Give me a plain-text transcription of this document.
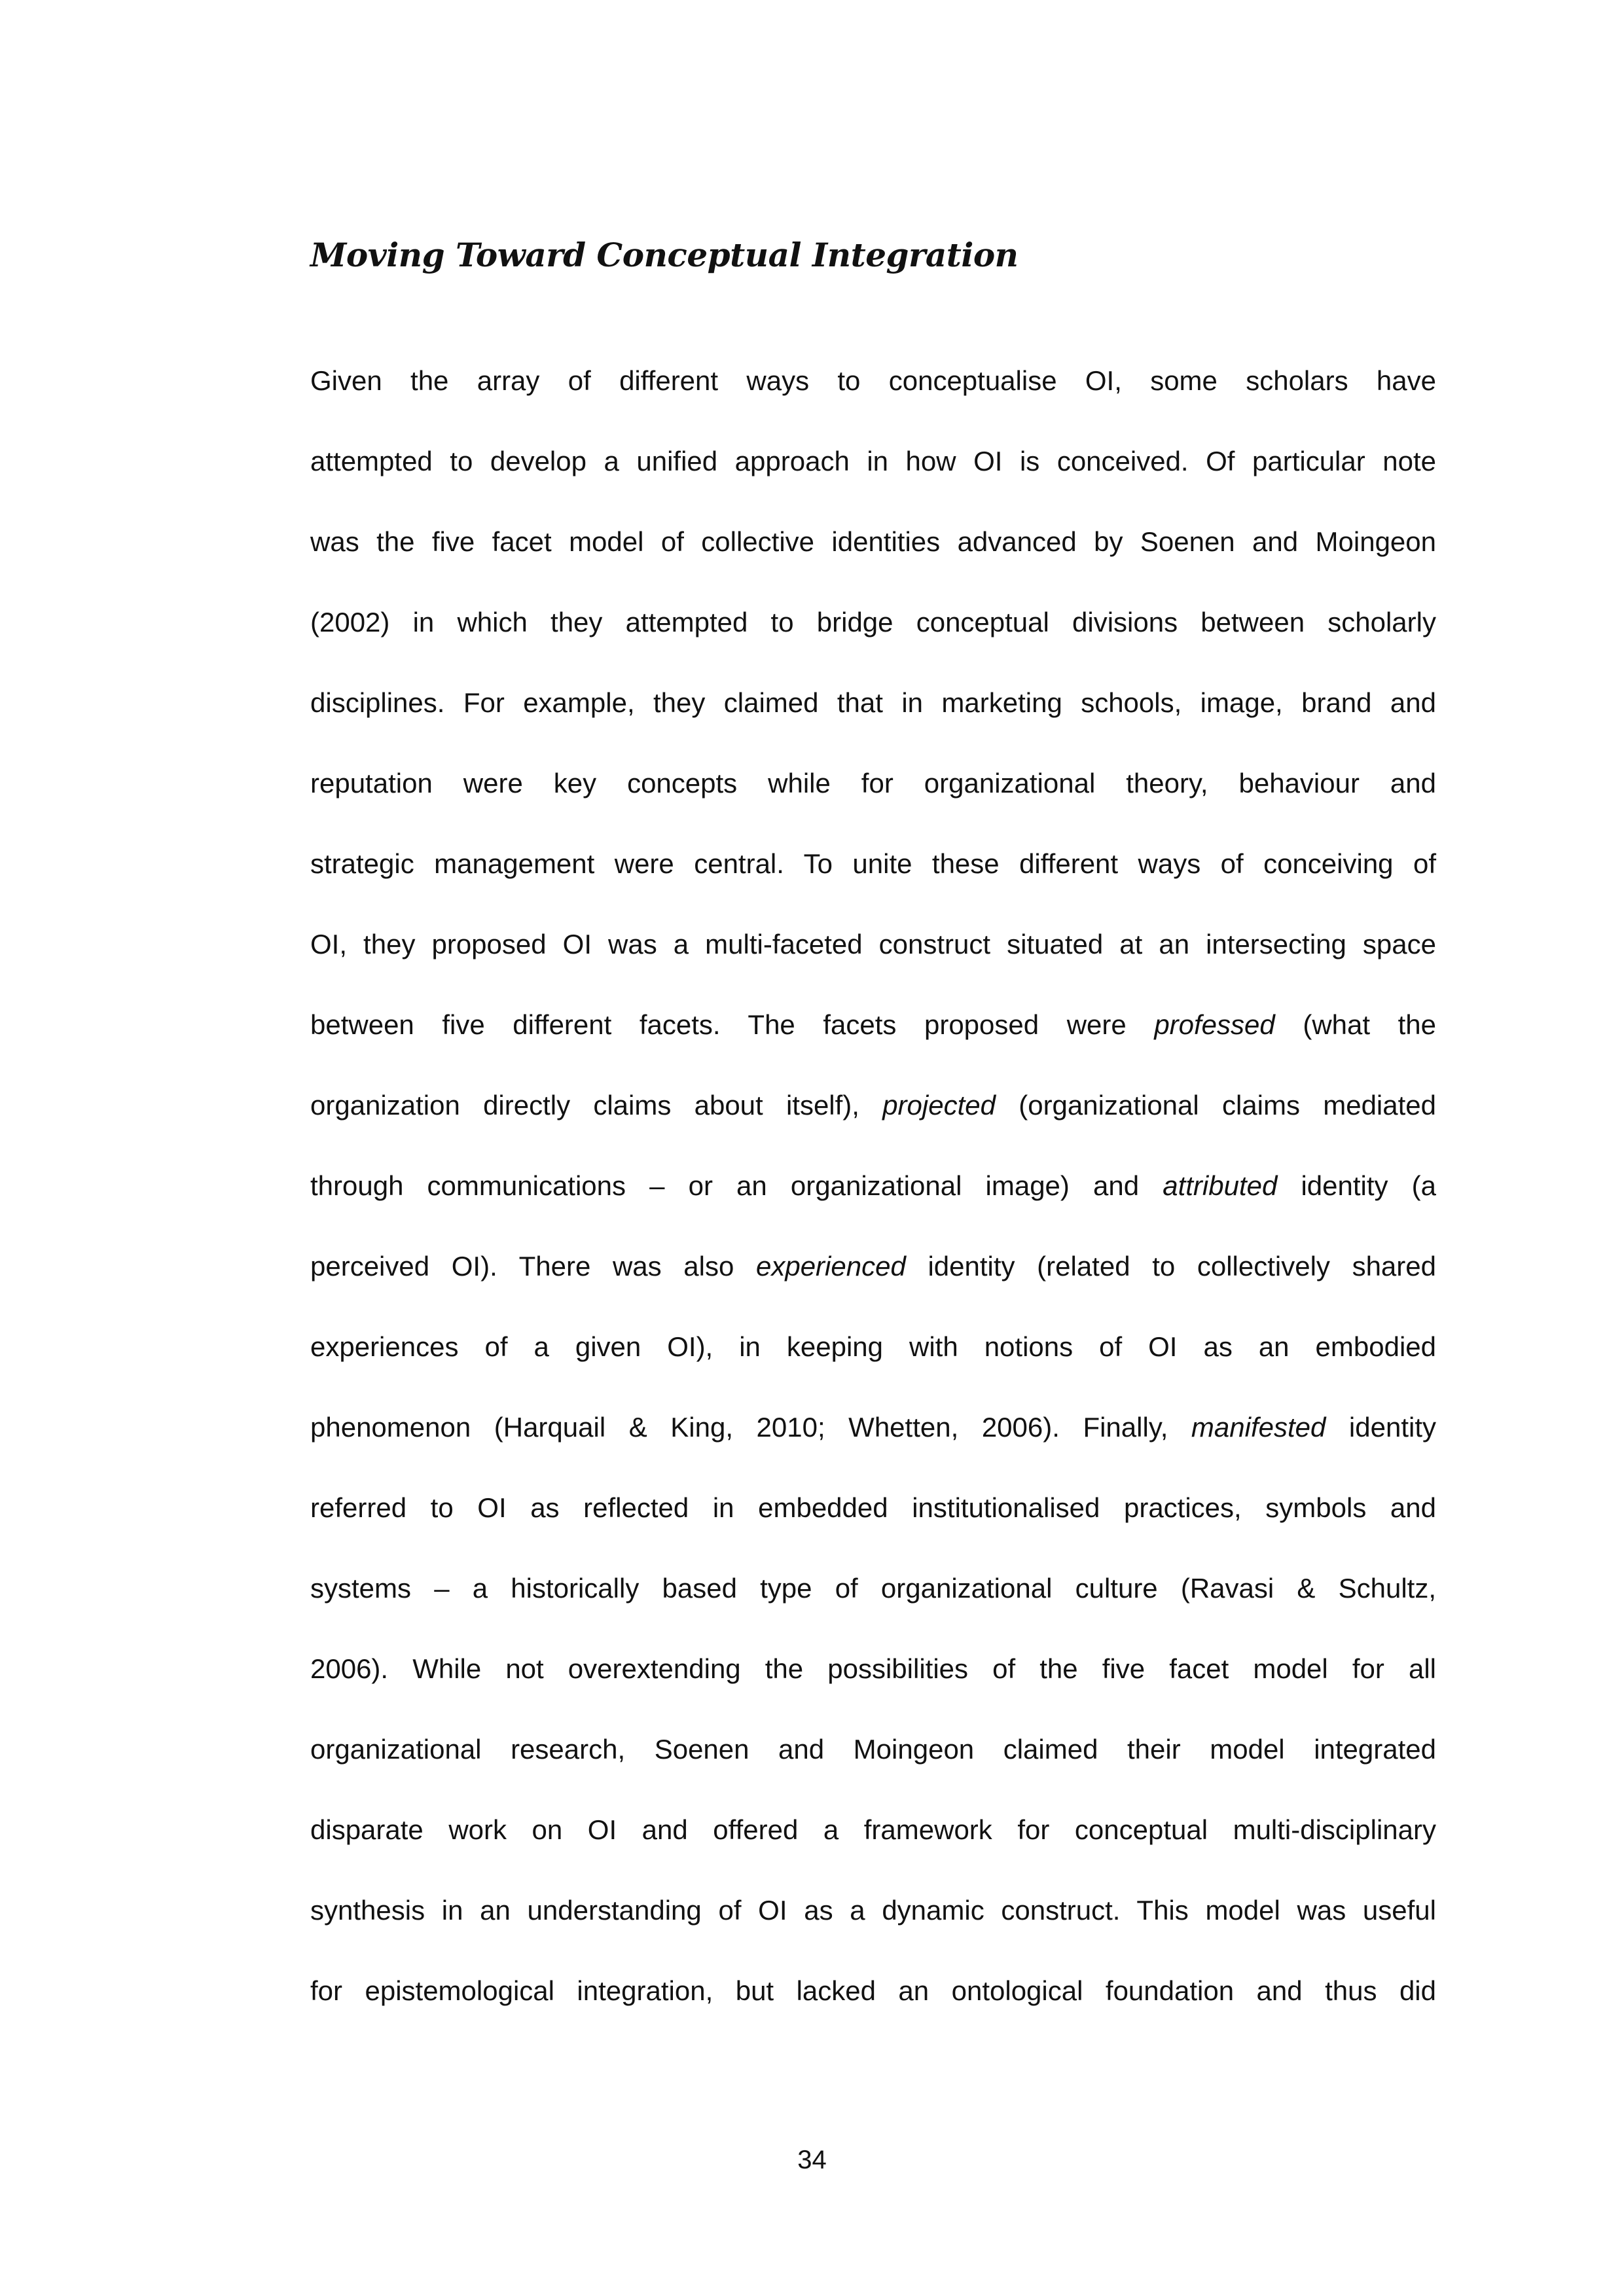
Moving Toward Conceptual Integration
Given the array of different ways to conceptualise OI, some scholars have
attempted to develop a unified approach in how OI is conceived. Of particular note
was the five facet model of collective identities advanced by Soenen and Moingeon
(2002) in which they attempted to bridge conceptual divisions between scholarly
disciplines. For example, they claimed that in marketing schools, image, brand and
reputation were key concepts while for organizational theory, behaviour and
strategic management were central. To unite these different ways of conceiving of
OI, they proposed OI was a multi-faceted construct situated at an intersecting space
between five different facets. The facets proposed were professed (what the
organization directly claims about itself), projected (organizational claims mediated
through communications – or an organizational image) and attributed identity (a
perceived OI). There was also experienced identity (related to collectively shared
experiences of a given OI), in keeping with notions of OI as an embodied
phenomenon (Harquail & King, 2010; Whetten, 2006). Finally, manifested identity
referred to OI as reflected in embedded institutionalised practices, symbols and
systems – a historically based type of organizational culture (Ravasi & Schultz,
2006). While not overextending the possibilities of the five facet model for all
organizational research, Soenen and Moingeon claimed their model integrated
disparate work on OI and offered a framework for conceptual multi-disciplinary
synthesis in an understanding of OI as a dynamic construct. This model was useful
for epistemological integration, but lacked an ontological foundation and thus did
34
